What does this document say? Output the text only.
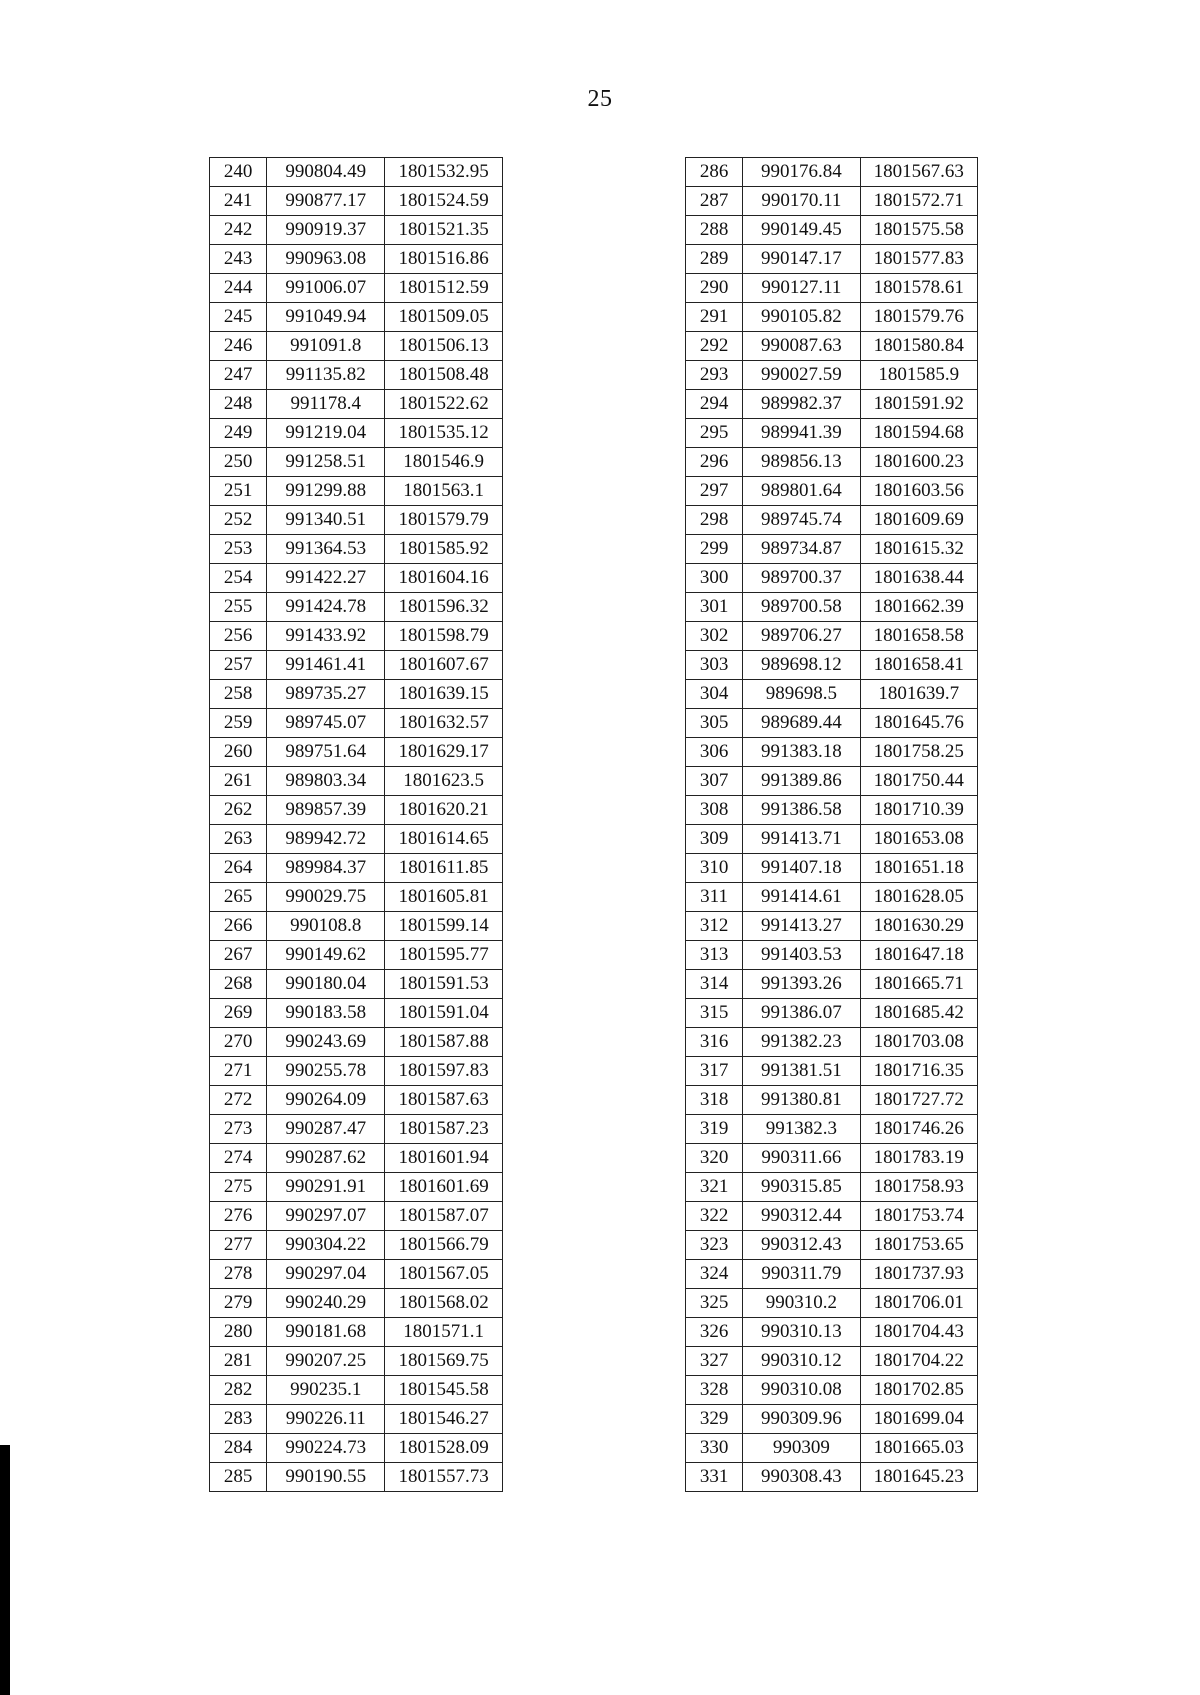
25
240	990804.49	1801532.95
241	990877.17	1801524.59
242	990919.37	1801521.35
243	990963.08	1801516.86
244	991006.07	1801512.59
245	991049.94	1801509.05
246	991091.8	1801506.13
247	991135.82	1801508.48
248	991178.4	1801522.62
249	991219.04	1801535.12
250	991258.51	1801546.9
251	991299.88	1801563.1
252	991340.51	1801579.79
253	991364.53	1801585.92
254	991422.27	1801604.16
255	991424.78	1801596.32
256	991433.92	1801598.79
257	991461.41	1801607.67
258	989735.27	1801639.15
259	989745.07	1801632.57
260	989751.64	1801629.17
261	989803.34	1801623.5
262	989857.39	1801620.21
263	989942.72	1801614.65
264	989984.37	1801611.85
265	990029.75	1801605.81
266	990108.8	1801599.14
267	990149.62	1801595.77
268	990180.04	1801591.53
269	990183.58	1801591.04
270	990243.69	1801587.88
271	990255.78	1801597.83
272	990264.09	1801587.63
273	990287.47	1801587.23
274	990287.62	1801601.94
275	990291.91	1801601.69
276	990297.07	1801587.07
277	990304.22	1801566.79
278	990297.04	1801567.05
279	990240.29	1801568.02
280	990181.68	1801571.1
281	990207.25	1801569.75
282	990235.1	1801545.58
283	990226.11	1801546.27
284	990224.73	1801528.09
285	990190.55	1801557.73
286	990176.84	1801567.63
287	990170.11	1801572.71
288	990149.45	1801575.58
289	990147.17	1801577.83
290	990127.11	1801578.61
291	990105.82	1801579.76
292	990087.63	1801580.84
293	990027.59	1801585.9
294	989982.37	1801591.92
295	989941.39	1801594.68
296	989856.13	1801600.23
297	989801.64	1801603.56
298	989745.74	1801609.69
299	989734.87	1801615.32
300	989700.37	1801638.44
301	989700.58	1801662.39
302	989706.27	1801658.58
303	989698.12	1801658.41
304	989698.5	1801639.7
305	989689.44	1801645.76
306	991383.18	1801758.25
307	991389.86	1801750.44
308	991386.58	1801710.39
309	991413.71	1801653.08
310	991407.18	1801651.18
311	991414.61	1801628.05
312	991413.27	1801630.29
313	991403.53	1801647.18
314	991393.26	1801665.71
315	991386.07	1801685.42
316	991382.23	1801703.08
317	991381.51	1801716.35
318	991380.81	1801727.72
319	991382.3	1801746.26
320	990311.66	1801783.19
321	990315.85	1801758.93
322	990312.44	1801753.74
323	990312.43	1801753.65
324	990311.79	1801737.93
325	990310.2	1801706.01
326	990310.13	1801704.43
327	990310.12	1801704.22
328	990310.08	1801702.85
329	990309.96	1801699.04
330	990309	1801665.03
331	990308.43	1801645.23
